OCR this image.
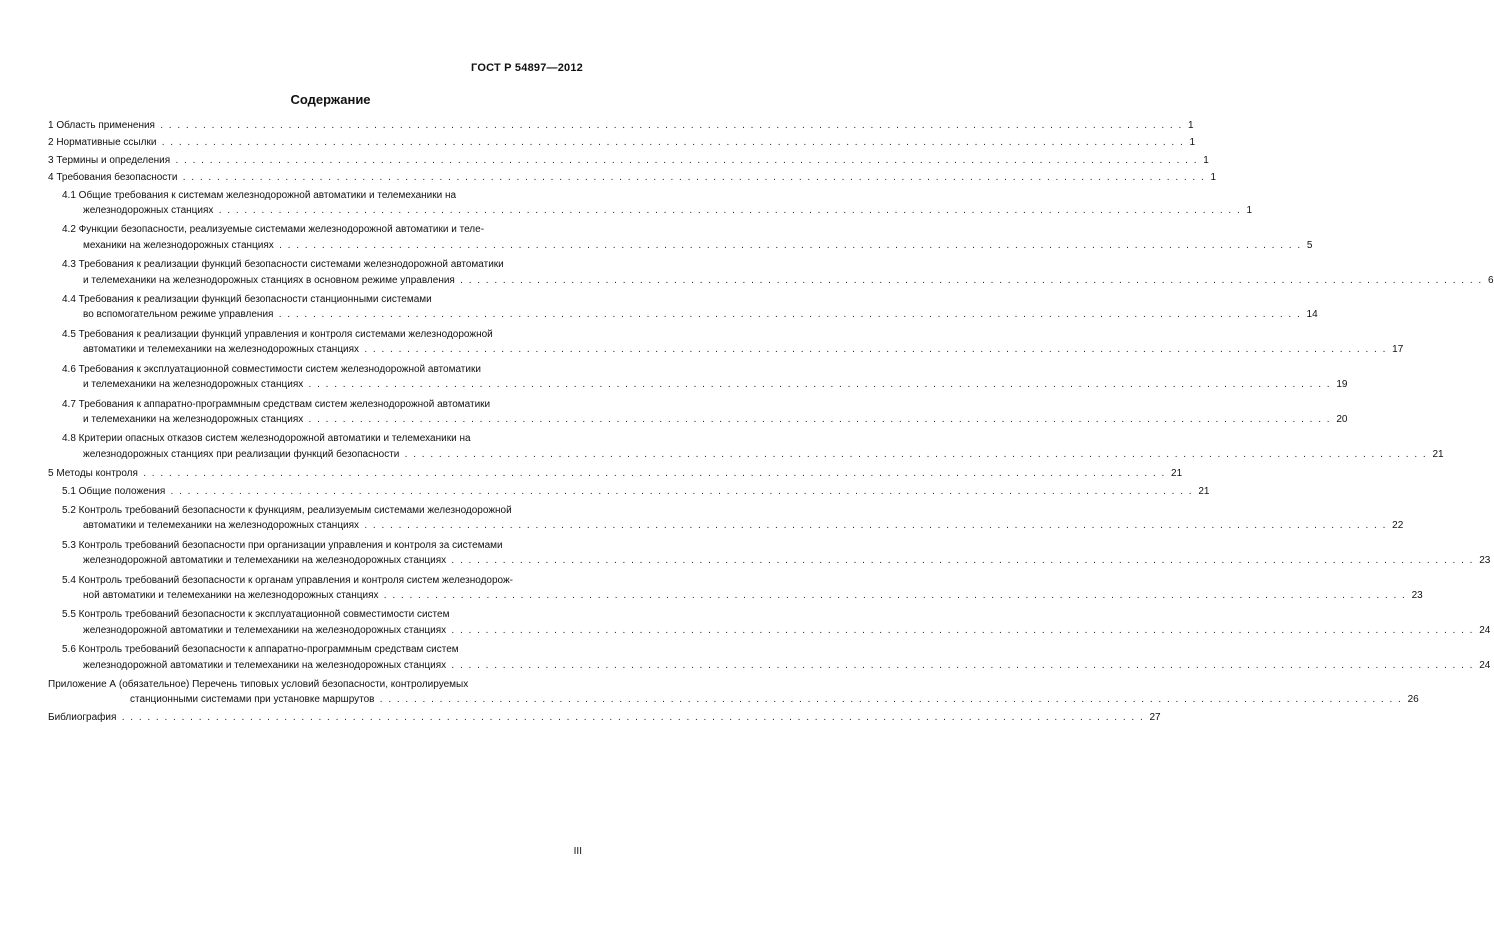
ГОСТ Р 54897—2012
Содержание
1 Область применения . . . . . . . . . . . . . . . . . . . . . . . . . . . . . . . . . . . . . . . . . . . . . . . . . . . . . . . . . . . . . . . . . . . . . . . . . . . . . . . . . . . . . . . . . . . . . . . . . . . . . . . . . . . . . . . . . . . . . . . . 1
2 Нормативные ссылки . . . . . . . . . . . . . . . . . . . . . . . . . . . . . . . . . . . . . . . . . . . . . . . . . . . . . . . . . . . . . . . . . . . . . . . . . . . . . . . . . . . . . . . . . . . . . . . . . . . . . . . . . . . . . . . . . . . . . . . . 1
3 Термины и определения . . . . . . . . . . . . . . . . . . . . . . . . . . . . . . . . . . . . . . . . . . . . . . . . . . . . . . . . . . . . . . . . . . . . . . . . . . . . . . . . . . . . . . . . . . . . . . . . . . . . . . . . . . . . . . . . . . . . . . . . 1
4 Требования безопасности . . . . . . . . . . . . . . . . . . . . . . . . . . . . . . . . . . . . . . . . . . . . . . . . . . . . . . . . . . . . . . . . . . . . . . . . . . . . . . . . . . . . . . . . . . . . . . . . . . . . . . . . . . . . . . . . . . . . . . . . 1
4.1 Общие требования к системам железнодорожной автоматики и телемеханики на
железнодорожных станциях . . . . . . . . . . . . . . . . . . . . . . . . . . . . . . . . . . . . . . . . . . . . . . . . . . . . . . . . . . . . . . . . . . . . . . . . . . . . . . . . . . . . . . . . . . . . . . . . . . . . . . . . . . . . . . . . . . . . . . . . 1
4.2 Функции безопасности, реализуемые системами железнодорожной автоматики и теле-
механики на железнодорожных станциях . . . . . . . . . . . . . . . . . . . . . . . . . . . . . . . . . . . . . . . . . . . . . . . . . . . . . . . . . . . . . . . . . . . . . . . . . . . . . . . . . . . . . . . . . . . . . . . . . . . . . . . . . . . . . . . . . . . . . . . . 5
4.3 Требования к реализации функций безопасности системами железнодорожной автоматики
и телемеханики на железнодорожных станциях в основном режиме управления . . . . . . . . . . . . . . . . . . . . . . . . . . . . . . . . . . . . . . . . . . . . . . . . . . . . . . . . . . . . . . . . . . . . . . . . . . . . . . . . . . . . . . . . . . . . . . . . . . . . . . . . . . . . . . . . . . . . . . . . 6
4.4 Требования к реализации функций безопасности станционными системами
во вспомогательном режиме управления . . . . . . . . . . . . . . . . . . . . . . . . . . . . . . . . . . . . . . . . . . . . . . . . . . . . . . . . . . . . . . . . . . . . . . . . . . . . . . . . . . . . . . . . . . . . . . . . . . . . . . . . . . . . . . . . . . . . . . . . 14
4.5 Требования к реализации функций управления и контроля системами железнодорожной
автоматики и телемеханики на железнодорожных станциях . . . . . . . . . . . . . . . . . . . . . . . . . . . . . . . . . . . . . . . . . . . . . . . . . . . . . . . . . . . . . . . . . . . . . . . . . . . . . . . . . . . . . . . . . . . . . . . . . . . . . . . . . . . . . . . . . . . . . . . . 17
4.6 Требования к эксплуатационной совместимости систем железнодорожной автоматики
и телемеханики на железнодорожных станциях . . . . . . . . . . . . . . . . . . . . . . . . . . . . . . . . . . . . . . . . . . . . . . . . . . . . . . . . . . . . . . . . . . . . . . . . . . . . . . . . . . . . . . . . . . . . . . . . . . . . . . . . . . . . . . . . . . . . . . . . 19
4.7 Требования к аппаратно-программным средствам систем железнодорожной автоматики
и телемеханики на железнодорожных станциях . . . . . . . . . . . . . . . . . . . . . . . . . . . . . . . . . . . . . . . . . . . . . . . . . . . . . . . . . . . . . . . . . . . . . . . . . . . . . . . . . . . . . . . . . . . . . . . . . . . . . . . . . . . . . . . . . . . . . . . . 20
4.8 Критерии опасных отказов систем железнодорожной автоматики и телемеханики на
железнодорожных станциях при реализации функций безопасности . . . . . . . . . . . . . . . . . . . . . . . . . . . . . . . . . . . . . . . . . . . . . . . . . . . . . . . . . . . . . . . . . . . . . . . . . . . . . . . . . . . . . . . . . . . . . . . . . . . . . . . . . . . . . . . . . . . . . . . . 21
5 Методы контроля . . . . . . . . . . . . . . . . . . . . . . . . . . . . . . . . . . . . . . . . . . . . . . . . . . . . . . . . . . . . . . . . . . . . . . . . . . . . . . . . . . . . . . . . . . . . . . . . . . . . . . . . . . . . . . . . . . . . . . . . 21
5.1 Общие положения . . . . . . . . . . . . . . . . . . . . . . . . . . . . . . . . . . . . . . . . . . . . . . . . . . . . . . . . . . . . . . . . . . . . . . . . . . . . . . . . . . . . . . . . . . . . . . . . . . . . . . . . . . . . . . . . . . . . . . . . 21
5.2 Контроль требований безопасности к функциям, реализуемым системами железнодорожной
автоматики и телемеханики на железнодорожных станциях . . . . . . . . . . . . . . . . . . . . . . . . . . . . . . . . . . . . . . . . . . . . . . . . . . . . . . . . . . . . . . . . . . . . . . . . . . . . . . . . . . . . . . . . . . . . . . . . . . . . . . . . . . . . . . . . . . . . . . . . 22
5.3 Контроль требований безопасности при организации управления и контроля за системами
железнодорожной автоматики и телемеханики на железнодорожных станциях . . . . . . . . . . . . . . . . . . . . . . . . . . . . . . . . . . . . . . . . . . . . . . . . . . . . . . . . . . . . . . . . . . . . . . . . . . . . . . . . . . . . . . . . . . . . . . . . . . . . . . . . . . . . . . . . . . . . . . . . 23
5.4 Контроль требований безопасности к органам управления и контроля систем железнодорож-
ной автоматики и телемеханики на железнодорожных станциях . . . . . . . . . . . . . . . . . . . . . . . . . . . . . . . . . . . . . . . . . . . . . . . . . . . . . . . . . . . . . . . . . . . . . . . . . . . . . . . . . . . . . . . . . . . . . . . . . . . . . . . . . . . . . . . . . . . . . . . . 23
5.5 Контроль требований безопасности к эксплуатационной совместимости систем
железнодорожной автоматики и телемеханики на железнодорожных станциях . . . . . . . . . . . . . . . . . . . . . . . . . . . . . . . . . . . . . . . . . . . . . . . . . . . . . . . . . . . . . . . . . . . . . . . . . . . . . . . . . . . . . . . . . . . . . . . . . . . . . . . . . . . . . . . . . . . . . . . . 24
5.6 Контроль требований безопасности к аппаратно-программным средствам систем
железнодорожной автоматики и телемеханики на железнодорожных станциях . . . . . . . . . . . . . . . . . . . . . . . . . . . . . . . . . . . . . . . . . . . . . . . . . . . . . . . . . . . . . . . . . . . . . . . . . . . . . . . . . . . . . . . . . . . . . . . . . . . . . . . . . . . . . . . . . . . . . . . . 24
Приложение А (обязательное) Перечень типовых условий безопасности, контролируемых
станционными системами при установке маршрутов . . . . . . . . . . . . . . . . . . . . . . . . . . . . . . . . . . . . . . . . . . . . . . . . . . . . . . . . . . . . . . . . . . . . . . . . . . . . . . . . . . . . . . . . . . . . . . . . . . . . . . . . . . . . . . . . . . . . . . . . 26
Библиография . . . . . . . . . . . . . . . . . . . . . . . . . . . . . . . . . . . . . . . . . . . . . . . . . . . . . . . . . . . . . . . . . . . . . . . . . . . . . . . . . . . . . . . . . . . . . . . . . . . . . . . . . . . . . . . . . . . . . . . . 27
III
